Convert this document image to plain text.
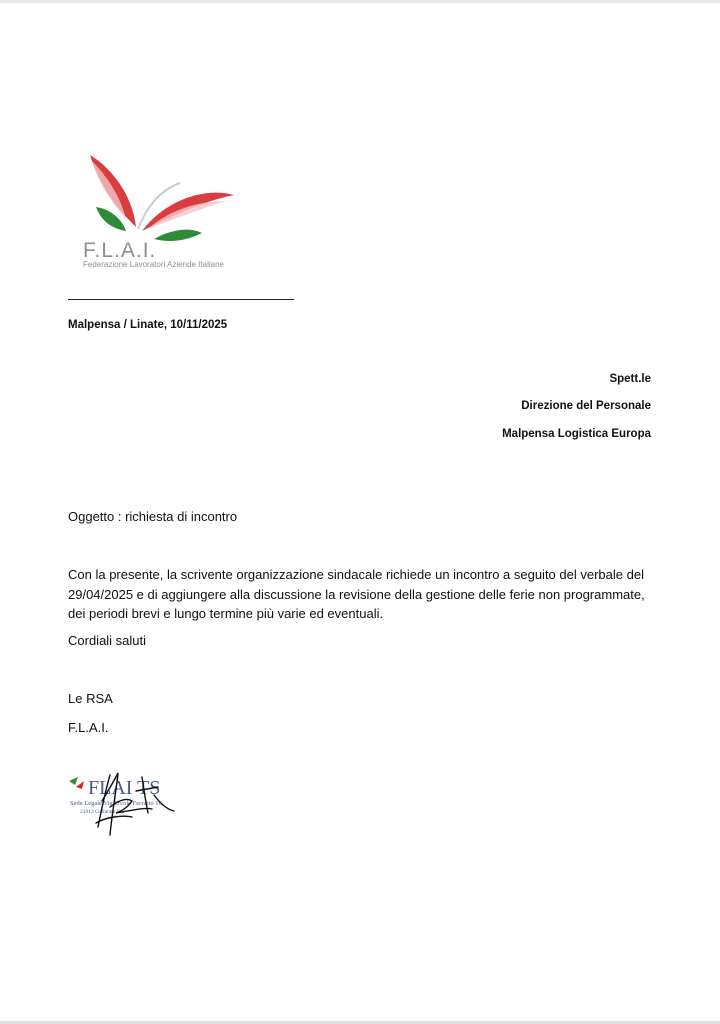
F.L.A.I.
Federazione Lavoratori Aziende Italiane
Malpensa / Linate, 10/11/2025
Spett.le
Direzione del Personale
Malpensa Logistica Europa
Oggetto : richiesta di incontro
Con la presente, la scrivente organizzazione sindacale richiede un incontro a seguito del verbale del 29/04/2025 e di aggiungere alla discussione la revisione della gestione delle ferie non programmate, dei periodi brevi e lungo termine più varie ed eventuali.
Cordiali saluti
Le RSA
F.L.A.I.
FLAI TS
Sede Legale Via Ercole Ferrario 16
21013 Gallarate VA
